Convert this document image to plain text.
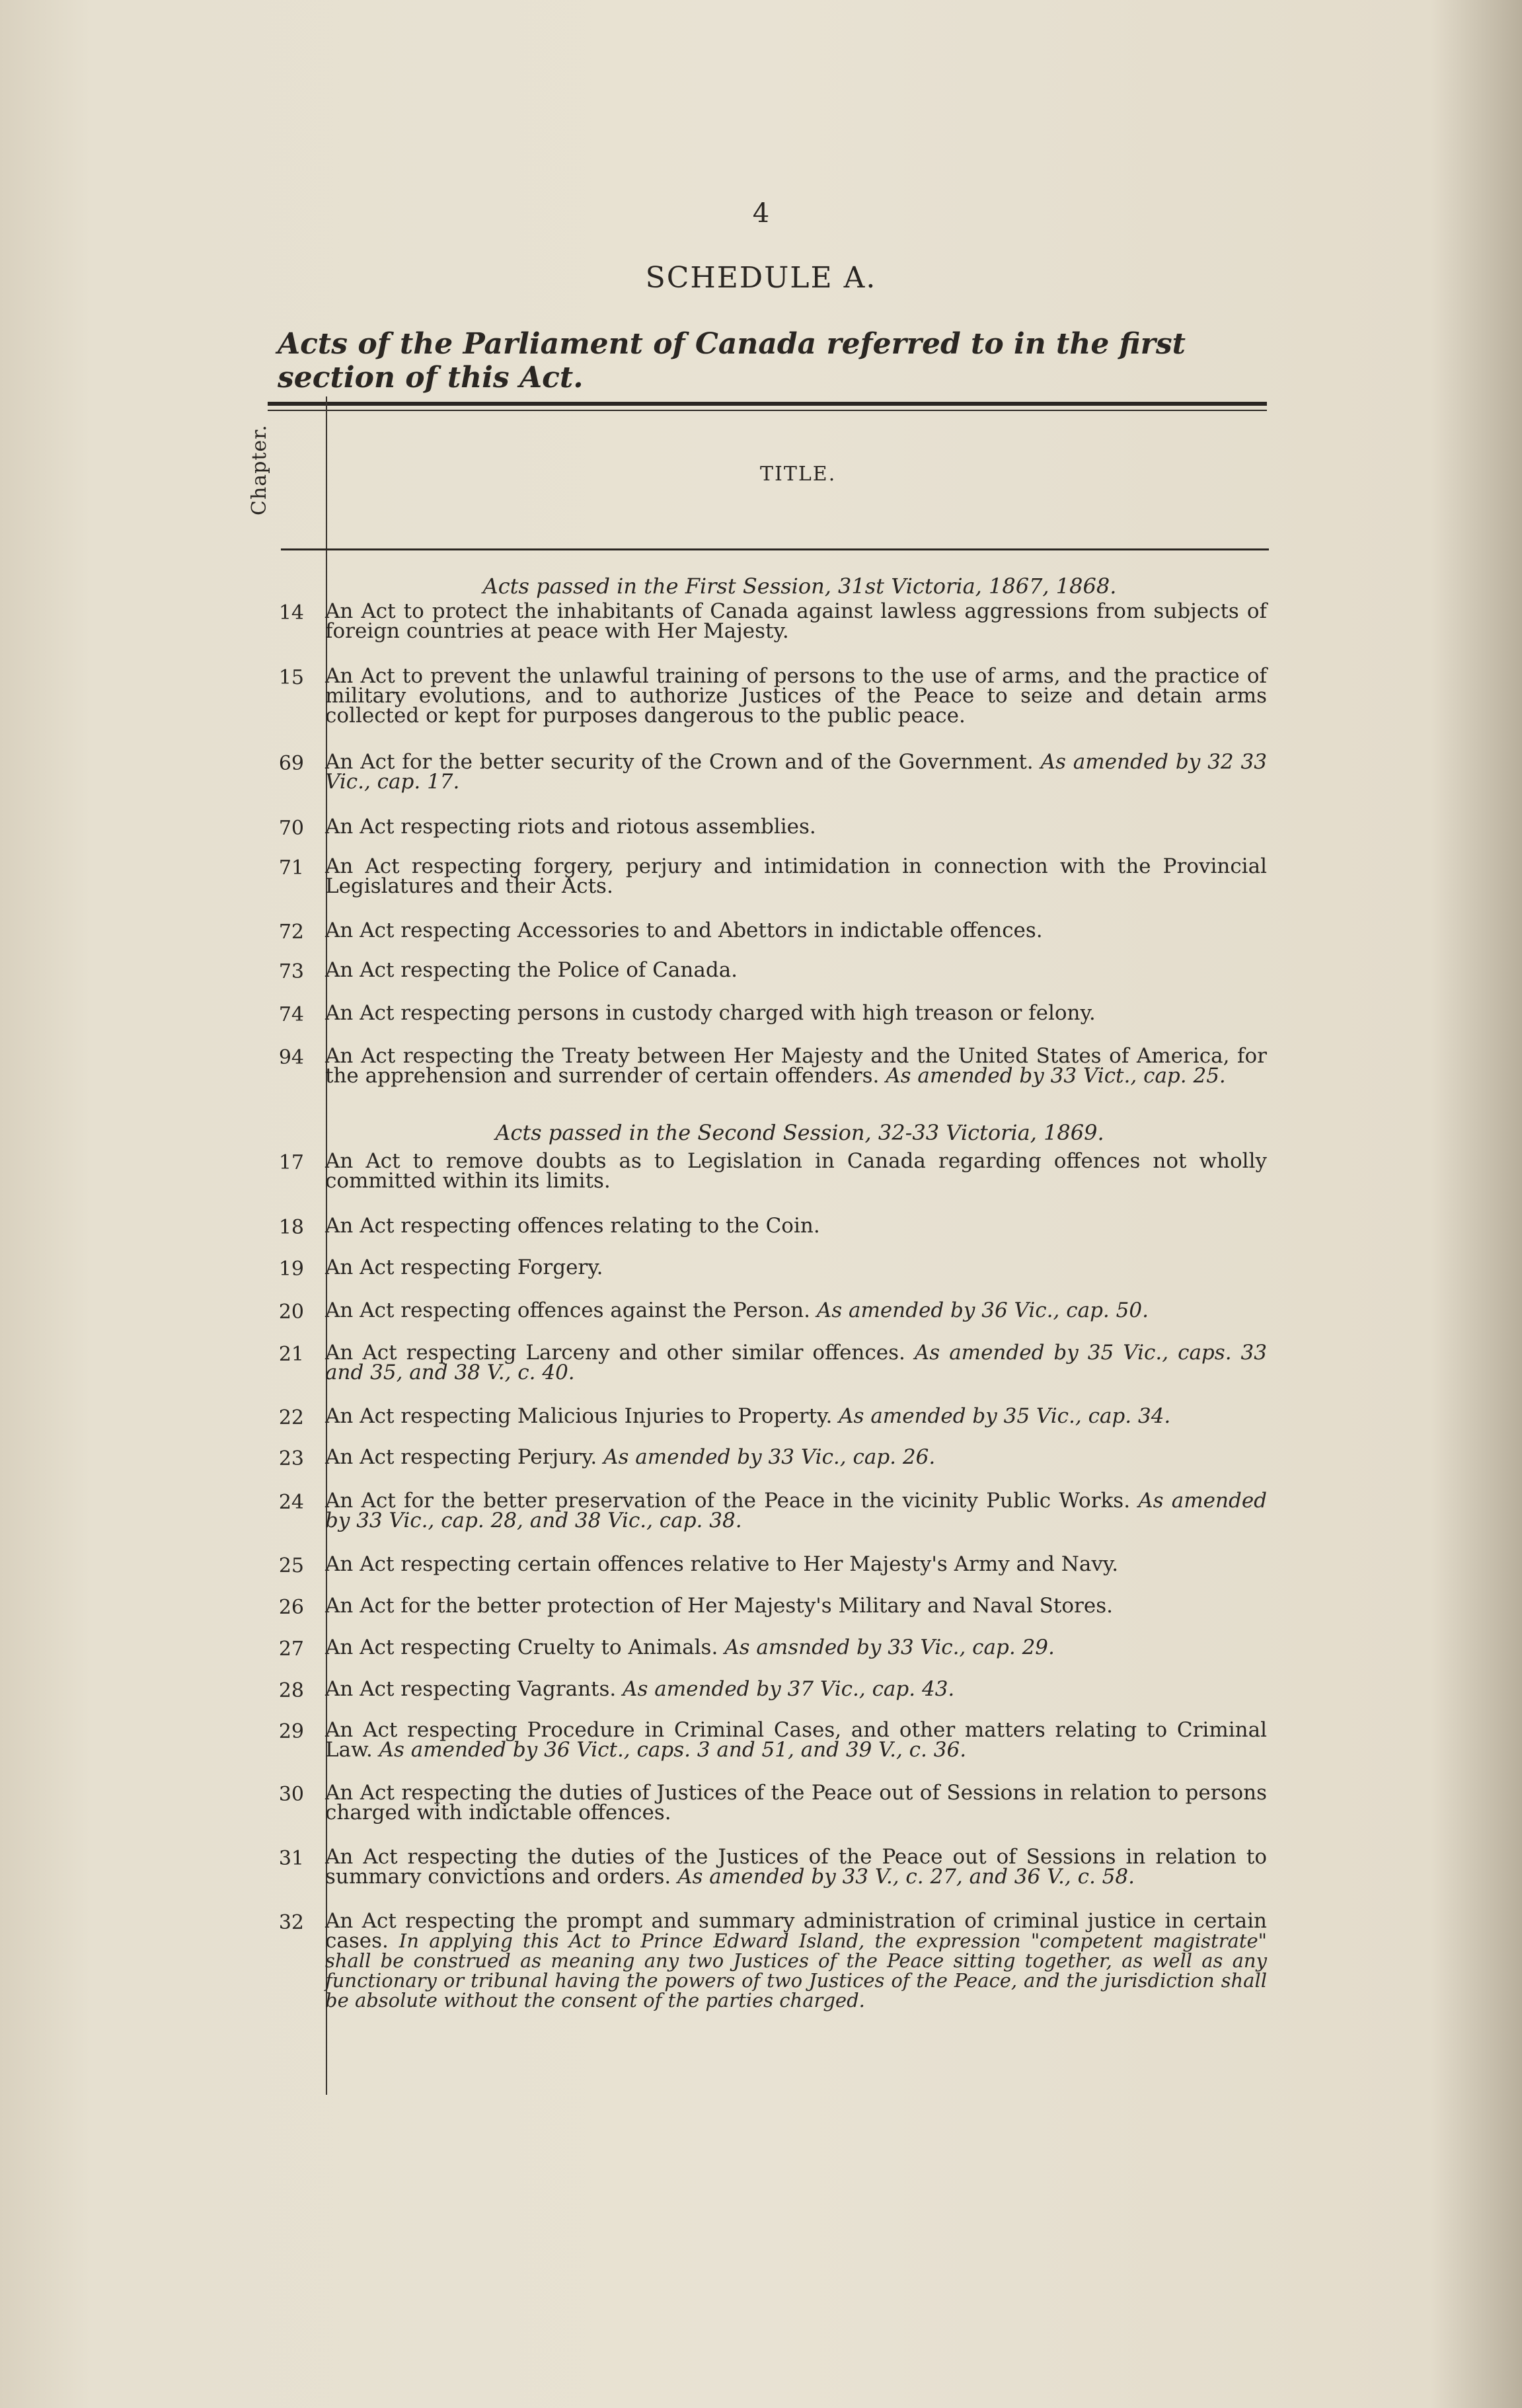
4
SCHEDULE A.
Acts of the Parliament of Canada referred to in the first section of this Act.
Chapter.	TITLE.
Acts passed in the First Session, 31st Victoria, 1867, 1868.
14 An Act to protect the inhabitants of Canada against lawless aggressions from subjects of foreign countries at peace with Her Majesty.
15 An Act to prevent the unlawful training of persons to the use of arms, and the practice of military evolutions, and to authorize Justices of the Peace to seize and detain arms collected or kept for purposes dangerous to the public peace.
69 An Act for the better security of the Crown and of the Government. As amended by 32 33 Vic., cap. 17.
70 An Act respecting riots and riotous assemblies.
71 An Act respecting forgery, perjury and intimidation in connection with the Provincial Legislatures and their Acts.
72 An Act respecting Accessories to and Abettors in indictable offences.
73 An Act respecting the Police of Canada.
74 An Act respecting persons in custody charged with high treason or felony.
94 An Act respecting the Treaty between Her Majesty and the United States of America, for the apprehension and surrender of certain offenders. As amended by 33 Vict., cap. 25.
Acts passed in the Second Session, 32-33 Victoria, 1869.
17 An Act to remove doubts as to Legislation in Canada regarding offences not wholly committed within its limits.
18 An Act respecting offences relating to the Coin.
19 An Act respecting Forgery.
20 An Act respecting offences against the Person. As amended by 36 Vic., cap. 50.
21 An Act respecting Larceny and other similar offences. As amended by 35 Vic., caps. 33 and 35, and 38 V., c. 40.
22 An Act respecting Malicious Injuries to Property. As amended by 35 Vic., cap. 34.
23 An Act respecting Perjury. As amended by 33 Vic., cap. 26.
24 An Act for the better preservation of the Peace in the vicinity Public Works. As amended by 33 Vic., cap. 28, and 38 Vic., cap. 38.
25 An Act respecting certain offences relative to Her Majesty's Army and Navy.
26 An Act for the better protection of Her Majesty's Military and Naval Stores.
27 An Act respecting Cruelty to Animals. As amsnded by 33 Vic., cap. 29.
28 An Act respecting Vagrants. As amended by 37 Vic., cap. 43.
29 An Act respecting Procedure in Criminal Cases, and other matters relating to Criminal Law. As amended by 36 Vict., caps. 3 and 51, and 39 V., c. 36.
30 An Act respecting the duties of Justices of the Peace out of Sessions in relation to persons charged with indictable offences.
31 An Act respecting the duties of the Justices of the Peace out of Sessions in relation to summary convictions and orders. As amended by 33 V., c. 27, and 36 V., c. 58.
32 An Act respecting the prompt and summary administration of criminal justice in certain cases. In applying this Act to Prince Edward Island, the expression "competent magistrate" shall be construed as meaning any two Justices of the Peace sitting together, as well as any functionary or tribunal having the powers of two Justices of the Peace, and the jurisdiction shall be absolute without the consent of the parties charged.
